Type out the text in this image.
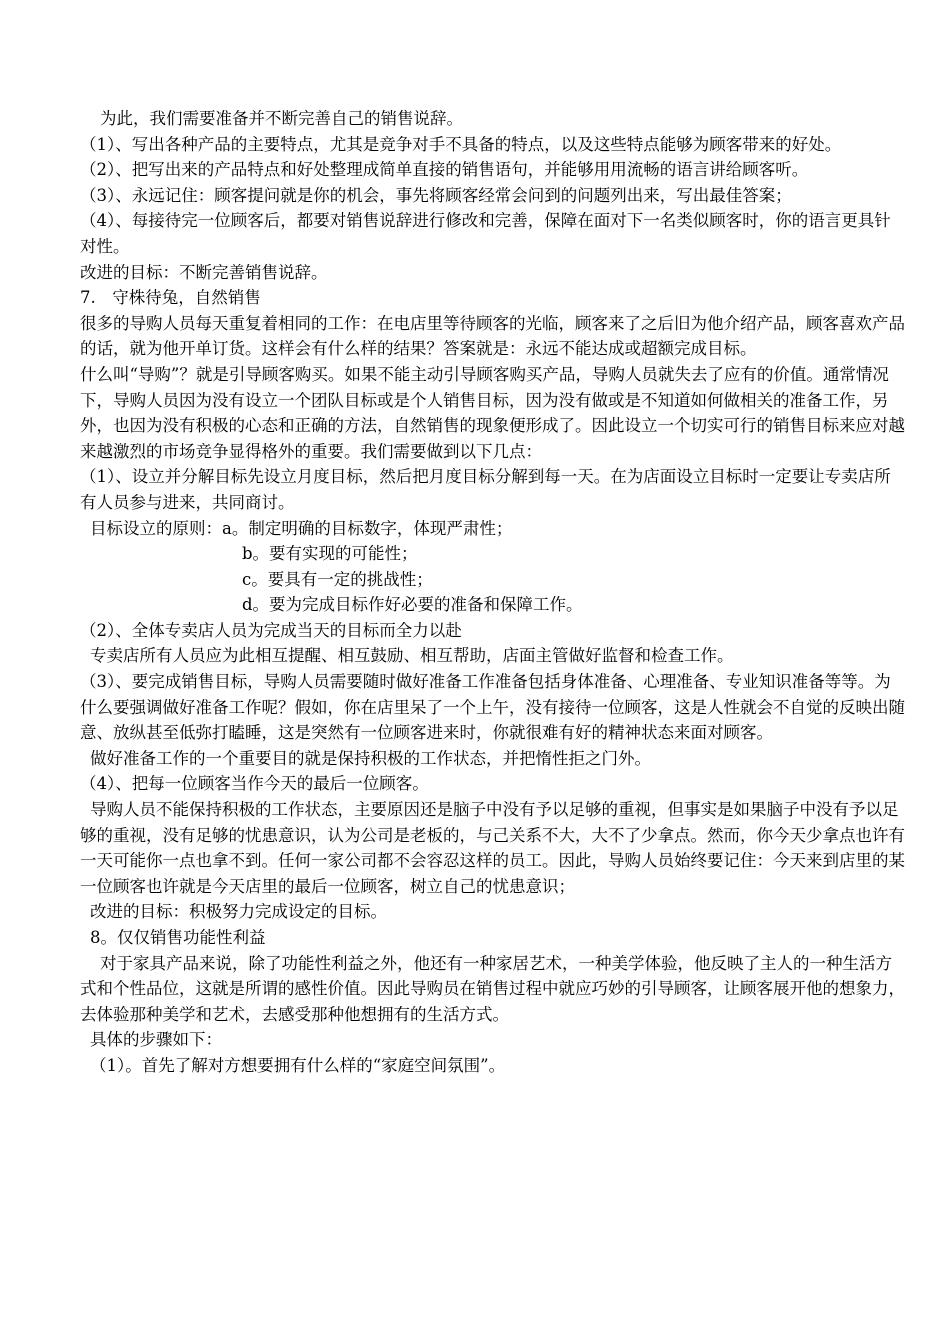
为此，我们需要准备并不断完善自己的销售说辞。

（1）、写出各种产品的主要特点，尤其是竞争对手不具备的特点，以及这些特点能够为顾客带来的好处。

（2）、把写出来的产品特点和好处整理成简单直接的销售语句，并能够用用流畅的语言讲给顾客听。

（3）、永远记住：顾客提问就是你的机会，事先将顾客经常会问到的问题列出来，写出最佳答案；

（4）、每接待完一位顾客后，都要对销售说辞进行修改和完善，保障在面对下一名类似顾客时，你的语言更具针对性。

改进的目标：不断完善销售说辞。

7.　守株待兔，自然销售

很多的导购人员每天重复着相同的工作：在电店里等待顾客的光临，顾客来了之后旧为他介绍产品，顾客喜欢产品的话，就为他开单订货。这样会有什么样的结果？答案就是：永远不能达成或超额完成目标。

什么叫“导购”？就是引导顾客购买。如果不能主动引导顾客购买产品，导购人员就失去了应有的价值。通常情况下，导购人员因为没有设立一个团队目标或是个人销售目标，因为没有做或是不知道如何做相关的准备工作，另外，也因为没有积极的心态和正确的方法，自然销售的现象便形成了。因此设立一个切实可行的销售目标来应对越来越激烈的市场竞争显得格外的重要。我们需要做到以下几点：

（1）、设立并分解目标先设立月度目标，然后把月度目标分解到每一天。在为店面设立目标时一定要让专卖店所有人员参与进来，共同商讨。

目标设立的原则：a。制定明确的目标数字，体现严肃性；

b。要有实现的可能性；

c。要具有一定的挑战性；

d。要为完成目标作好必要的准备和保障工作。

（2）、全体专卖店人员为完成当天的目标而全力以赴

专卖店所有人员应为此相互提醒、相互鼓励、相互帮助，店面主管做好监督和检查工作。

（3）、要完成销售目标，导购人员需要随时做好准备工作准备包括身体准备、心理准备、专业知识准备等等。为什么要强调做好准备工作呢？假如，你在店里呆了一个上午，没有接待一位顾客，这是人性就会不自觉的反映出随意、放纵甚至低弥打瞌睡，这是突然有一位顾客进来时，你就很难有好的精神状态来面对顾客。

做好准备工作的一个重要目的就是保持积极的工作状态，并把惰性拒之门外。

（4）、把每一位顾客当作今天的最后一位顾客。

导购人员不能保持积极的工作状态，主要原因还是脑子中没有予以足够的重视，但事实是如果脑子中没有予以足够的重视，没有足够的忧患意识，认为公司是老板的，与己关系不大，大不了少拿点。然而，你今天少拿点也许有一天可能你一点也拿不到。任何一家公司都不会容忍这样的员工。因此，导购人员始终要记住：今天来到店里的某一位顾客也许就是今天店里的最后一位顾客，树立自己的忧患意识；

改进的目标：积极努力完成设定的目标。

8。仅仅销售功能性利益

对于家具产品来说，除了功能性利益之外，他还有一种家居艺术，一种美学体验，他反映了主人的一种生活方式和个性品位，这就是所谓的感性价值。因此导购员在销售过程中就应巧妙的引导顾客，让顾客展开他的想象力，去体验那种美学和艺术，去感受那种他想拥有的生活方式。

具体的步骤如下：

（1）。首先了解对方想要拥有什么样的“家庭空间氛围”。
